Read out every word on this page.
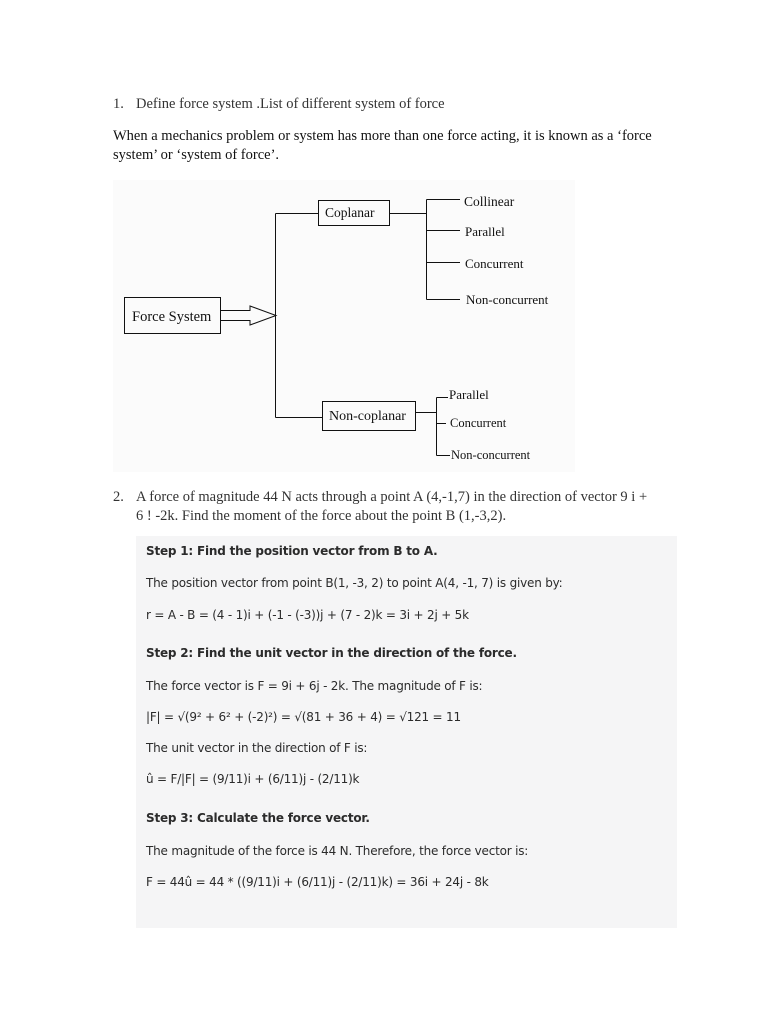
1. Define force system .List of different system of force
When a mechanics problem or system has more than one force acting, it is known as a ‘force
system’ or ‘system of force’.
Force System
Coplanar
Collinear
Parallel
Concurrent
Non-concurrent
Non-coplanar
Parallel
Concurrent
Non-concurrent
2. A force of magnitude 44 N acts through a point A (4,-1,7) in the direction of vector 9 i +
6 ! -2k. Find the moment of the force about the point B (1,-3,2).
Step 1: Find the position vector from B to A.
The position vector from point B(1, -3, 2) to point A(4, -1, 7) is given by:
r = A - B = (4 - 1)i + (-1 - (-3))j + (7 - 2)k = 3i + 2j + 5k
Step 2: Find the unit vector in the direction of the force.
The force vector is F = 9i + 6j - 2k. The magnitude of F is:
|F| = √(9² + 6² + (-2)²) = √(81 + 36 + 4) = √121 = 11
The unit vector in the direction of F is:
û = F/|F| = (9/11)i + (6/11)j - (2/11)k
Step 3: Calculate the force vector.
The magnitude of the force is 44 N. Therefore, the force vector is:
F = 44û = 44 * ((9/11)i + (6/11)j - (2/11)k) = 36i + 24j - 8k
